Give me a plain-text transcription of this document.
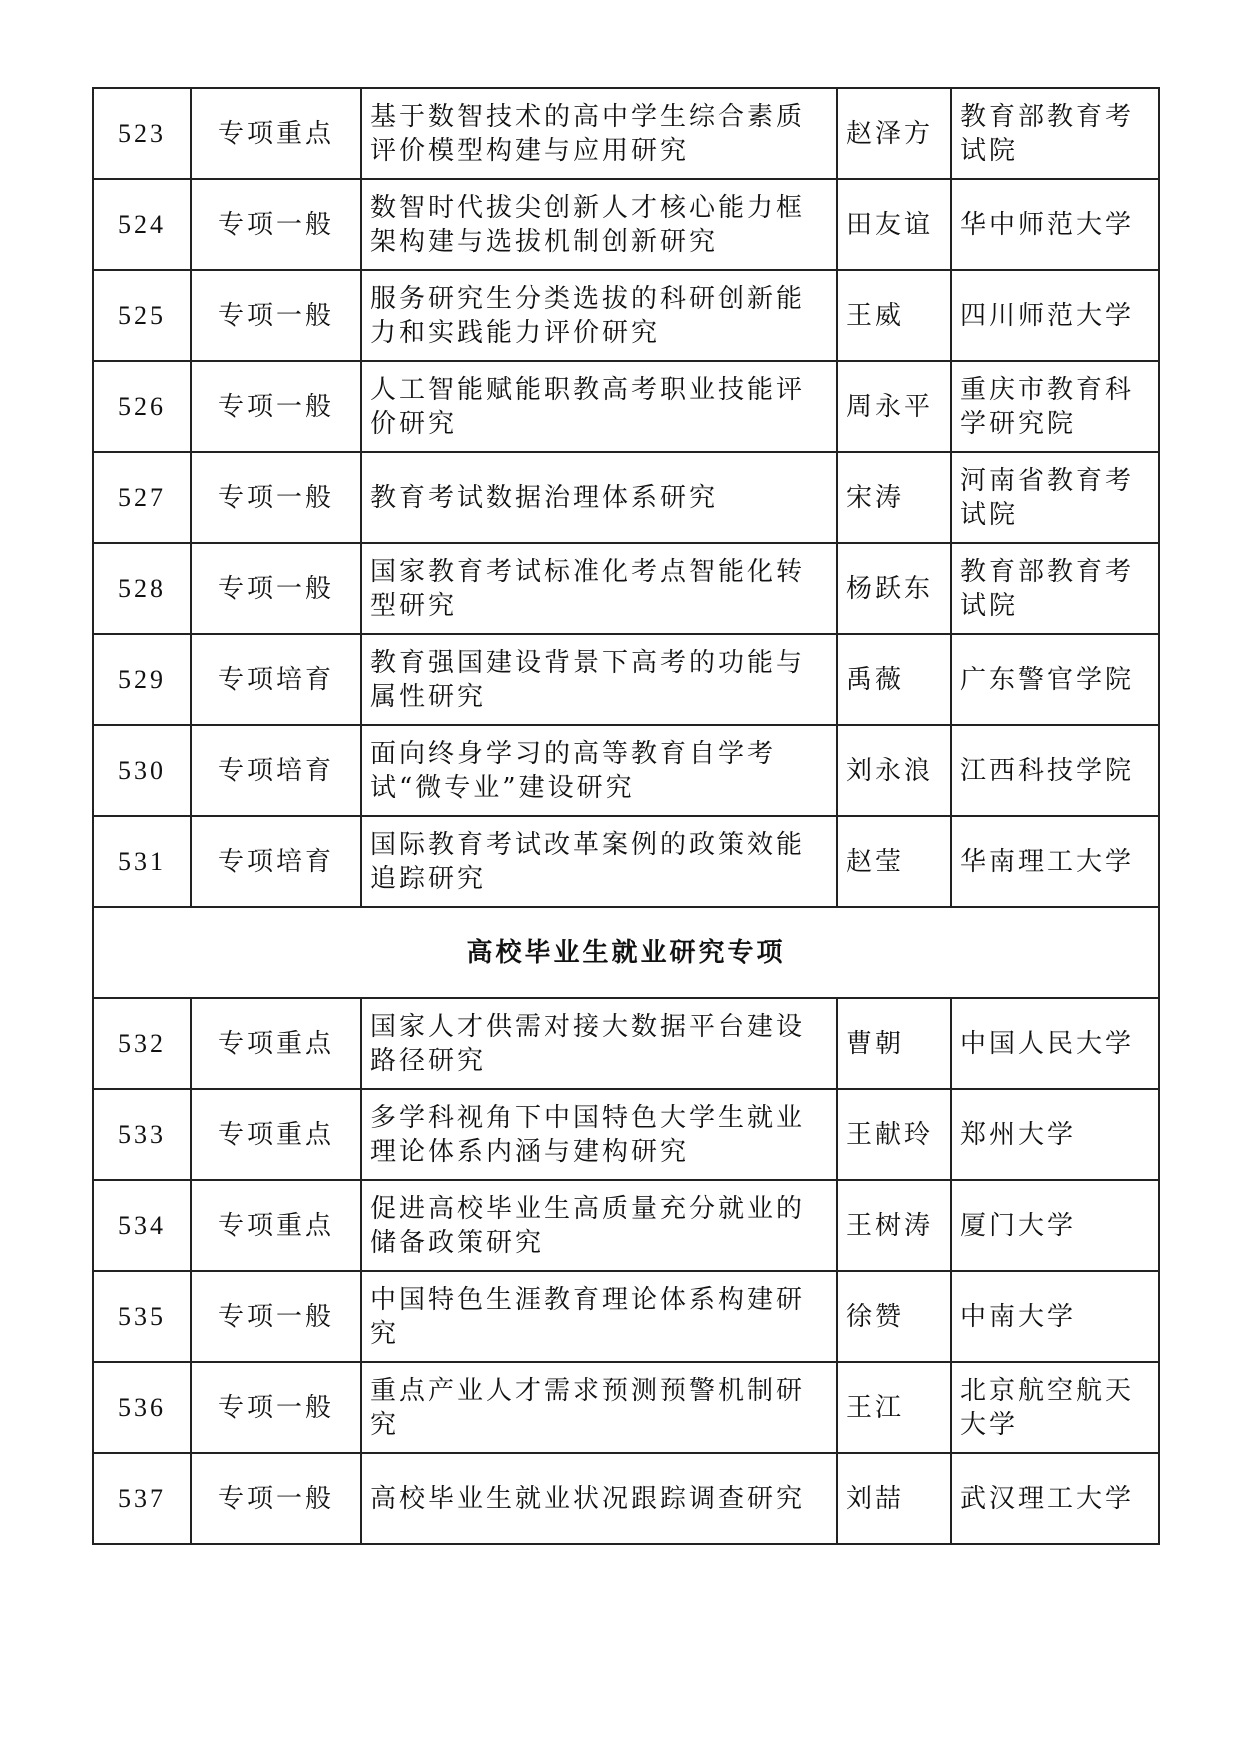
523	专项重点	基于数智技术的高中学生综合素质评价模型构建与应用研究	赵泽方	教育部教育考试院
524	专项一般	数智时代拔尖创新人才核心能力框架构建与选拔机制创新研究	田友谊	华中师范大学
525	专项一般	服务研究生分类选拔的科研创新能力和实践能力评价研究	王威	四川师范大学
526	专项一般	人工智能赋能职教高考职业技能评价研究	周永平	重庆市教育科学研究院
527	专项一般	教育考试数据治理体系研究	宋涛	河南省教育考试院
528	专项一般	国家教育考试标准化考点智能化转型研究	杨跃东	教育部教育考试院
529	专项培育	教育强国建设背景下高考的功能与属性研究	禹薇	广东警官学院
530	专项培育	面向终身学习的高等教育自学考试“微专业”建设研究	刘永浪	江西科技学院
531	专项培育	国际教育考试改革案例的政策效能追踪研究	赵莹	华南理工大学
高校毕业生就业研究专项				
532	专项重点	国家人才供需对接大数据平台建设路径研究	曹朝	中国人民大学
533	专项重点	多学科视角下中国特色大学生就业理论体系内涵与建构研究	王献玲	郑州大学
534	专项重点	促进高校毕业生高质量充分就业的储备政策研究	王树涛	厦门大学
535	专项一般	中国特色生涯教育理论体系构建研究	徐赞	中南大学
536	专项一般	重点产业人才需求预测预警机制研究	王江	北京航空航天大学
537	专项一般	高校毕业生就业状况跟踪调查研究	刘喆	武汉理工大学
